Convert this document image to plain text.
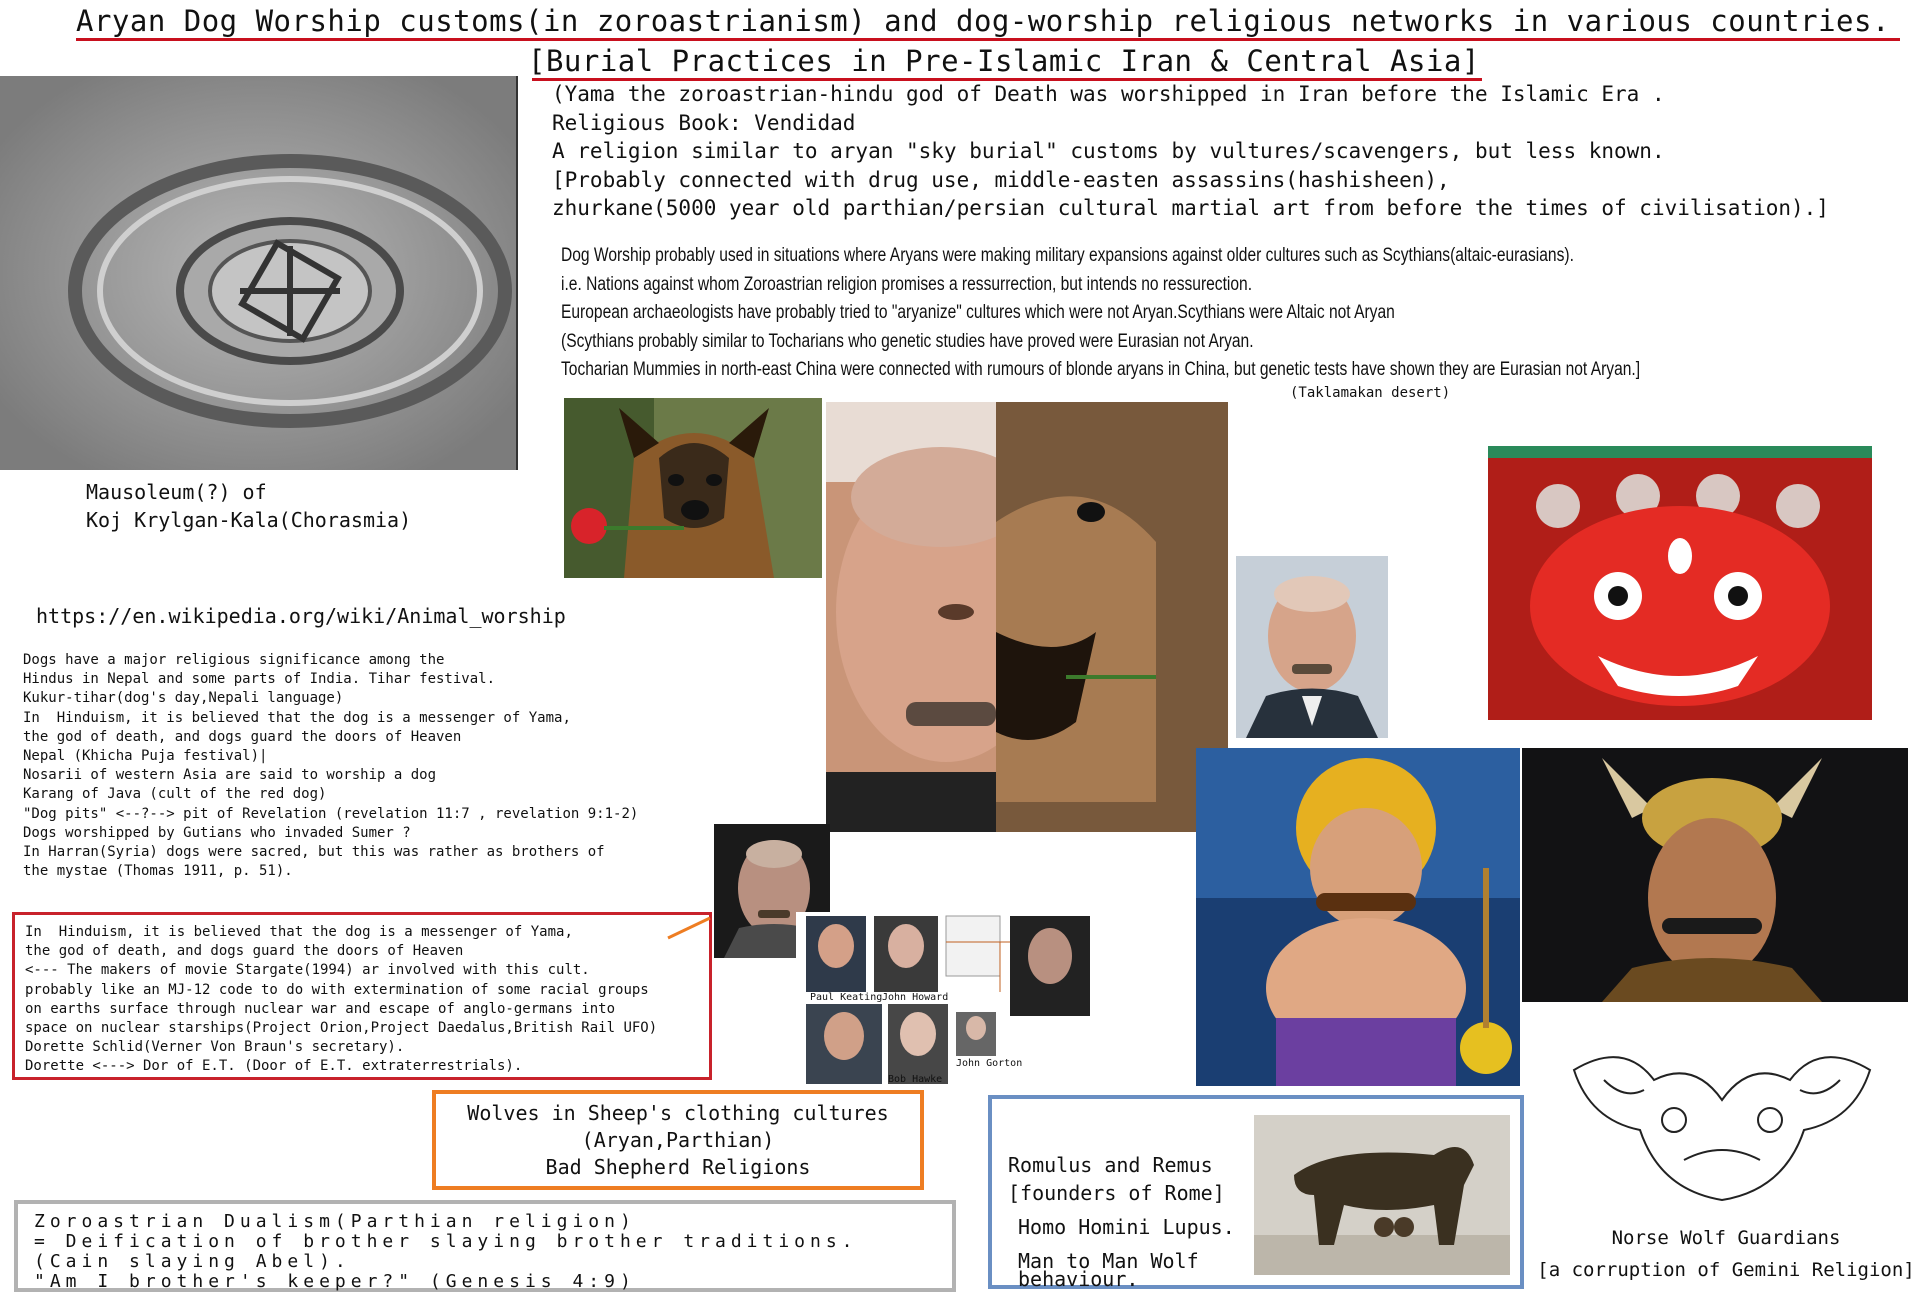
Aryan Dog Worship customs(in zoroastrianism) and dog-worship religious networks in various countries.
[Burial Practices in Pre-Islamic Iran & Central Asia]
(Yama the zoroastrian-hindu god of Death was worshipped in Iran before the Islamic Era .
Religious Book: Vendidad
A religion similar to aryan "sky burial" customs by vultures/scavengers, but less known.
[Probably connected with drug use, middle-easten assassins(hashisheen),
zhurkane(5000 year old parthian/persian cultural martial art from before the times of civilisation).]
Dog Worship probably used in situations where Aryans were making military expansions against older cultures such as Scythians(altaic-eurasians).
i.e. Nations against whom Zoroastrian religion promises a ressurrection, but intends no ressurection.
European archaeologists have probably tried to "aryanize" cultures which were not Aryan.Scythians were Altaic not Aryan
(Scythians probably similar to Tocharians who genetic studies have proved were Eurasian not Aryan.
Tocharian Mummies in north-east China were connected with rumours of blonde aryans in China, but genetic tests have shown they are Eurasian not Aryan.]
(Taklamakan desert)
Mausoleum(?) of
Koj Krylgan-Kala(Chorasmia)
https://en.wikipedia.org/wiki/Animal_worship
Dogs have a major religious significance among the
Hindus in Nepal and some parts of India. Tihar festival.
Kukur-tihar(dog's day,Nepali language)
In  Hinduism, it is believed that the dog is a messenger of Yama,
the god of death, and dogs guard the doors of Heaven
Nepal (Khicha Puja festival)|
Nosarii of western Asia are said to worship a dog
Karang of Java (cult of the red dog)
"Dog pits" <--?--> pit of Revelation (revelation 11:7 , revelation 9:1-2)
Dogs worshipped by Gutians who invaded Sumer ?
In Harran(Syria) dogs were sacred, but this was rather as brothers of
the mystae (Thomas 1911, p. 51).
In  Hinduism, it is believed that the dog is a messenger of Yama,
the god of death, and dogs guard the doors of Heaven
<--- The makers of movie Stargate(1994) ar involved with this cult.
probably like an MJ-12 code to do with extermination of some racial groups
on earths surface through nuclear war and escape of anglo-germans into
space on nuclear starships(Project Orion,Project Daedalus,British Rail UFO)
Dorette Schlid(Verner Von Braun's secretary).
Dorette <---> Dor of E.T. (Door of E.T. extraterrestrials).
Paul Keating John Howard
Bob Hawke
John Gorton
Wolves in Sheep's clothing cultures
(Aryan,Parthian)
Bad Shepherd Religions
Zoroastrian Dualism(Parthian religion)
= Deification of brother slaying brother traditions.
(Cain slaying Abel).
"Am I brother's keeper?" (Genesis 4:9)
Romulus and Remus
[founders of Rome]
Homo Homini Lupus.
Man to Man Wolf
behaviour.
Norse Wolf Guardians
[a corruption of Gemini Religion]
